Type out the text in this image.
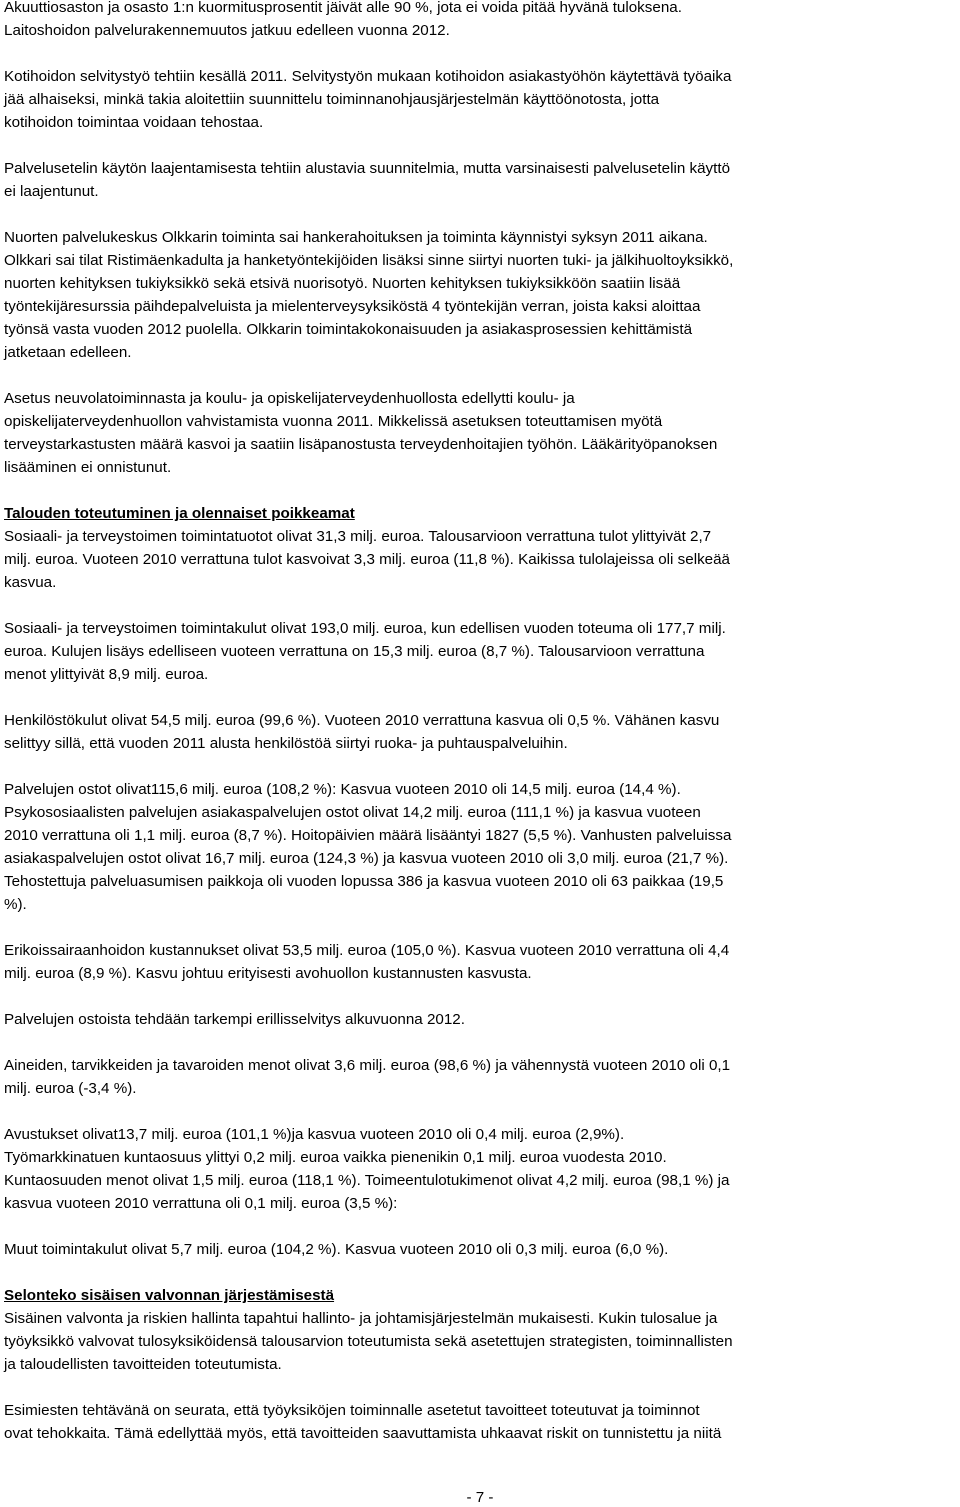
Akuuttiosaston ja osasto 1:n kuormitusprosentit jäivät alle 90 %, jota ei voida pitää hyvänä tuloksena.
Laitoshoidon palvelurakennemuutos jatkuu edelleen vuonna 2012.
Kotihoidon selvitystyö tehtiin kesällä 2011. Selvitystyön mukaan kotihoidon asiakastyöhön käytettävä työaika
jää alhaiseksi, minkä takia aloitettiin suunnittelu toiminnanohjausjärjestelmän käyttöönotosta, jotta
kotihoidon toimintaa voidaan tehostaa.
Palvelusetelin käytön laajentamisesta tehtiin alustavia suunnitelmia, mutta varsinaisesti palvelusetelin käyttö
ei laajentunut.
Nuorten palvelukeskus Olkkarin toiminta sai hankerahoituksen ja toiminta käynnistyi syksyn 2011 aikana.
Olkkari sai tilat Ristimäenkadulta ja hanketyöntekijöiden lisäksi sinne siirtyi nuorten tuki- ja jälkihuoltoyksikkö,
nuorten kehityksen tukiyksikkö sekä etsivä nuorisotyö. Nuorten kehityksen tukiyksikköön saatiin lisää
työntekijäresurssia päihdepalveluista ja mielenterveysyksiköstä 4 työntekijän verran, joista kaksi aloittaa
työnsä vasta vuoden 2012 puolella. Olkkarin toimintakokonaisuuden ja asiakasprosessien kehittämistä
jatketaan edelleen.
Asetus neuvolatoiminnasta ja koulu- ja opiskelijaterveydenhuollosta edellytti koulu- ja
opiskelijaterveydenhuollon vahvistamista vuonna 2011. Mikkelissä asetuksen toteuttamisen myötä
terveystarkastusten määrä kasvoi ja saatiin lisäpanostusta terveydenhoitajien työhön. Lääkärityöpanoksen
lisääminen ei onnistunut.
Talouden toteutuminen ja olennaiset poikkeamat
Sosiaali- ja terveystoimen toimintatuotot olivat 31,3 milj. euroa. Talousarvioon verrattuna tulot ylittyivät 2,7
milj. euroa. Vuoteen 2010 verrattuna tulot kasvoivat 3,3 milj. euroa (11,8 %). Kaikissa tulolajeissa oli selkeää
kasvua.
Sosiaali- ja terveystoimen toimintakulut olivat 193,0 milj. euroa, kun edellisen vuoden toteuma oli 177,7 milj.
euroa. Kulujen lisäys edelliseen vuoteen verrattuna on 15,3 milj. euroa (8,7 %). Talousarvioon verrattuna
menot ylittyivät 8,9 milj. euroa.
Henkilöstökulut olivat 54,5 milj. euroa (99,6 %). Vuoteen 2010 verrattuna kasvua oli 0,5 %. Vähänen kasvu
selittyy sillä, että vuoden 2011 alusta henkilöstöä siirtyi ruoka- ja puhtauspalveluihin.
Palvelujen ostot olivat115,6 milj. euroa (108,2 %): Kasvua vuoteen 2010 oli 14,5 milj. euroa (14,4 %).
Psykososiaalisten palvelujen asiakaspalvelujen ostot olivat 14,2 milj. euroa (111,1 %) ja kasvua vuoteen
2010 verrattuna oli 1,1 milj. euroa (8,7 %). Hoitopäivien määrä lisääntyi 1827 (5,5 %). Vanhusten palveluissa
asiakaspalvelujen ostot olivat 16,7 milj. euroa (124,3 %) ja kasvua vuoteen 2010 oli 3,0 milj. euroa (21,7 %).
Tehostettuja palveluasumisen paikkoja oli vuoden lopussa 386 ja kasvua vuoteen 2010 oli 63 paikkaa (19,5
%).
Erikoissairaanhoidon kustannukset olivat 53,5 milj. euroa (105,0 %). Kasvua vuoteen 2010 verrattuna oli 4,4
milj. euroa (8,9 %). Kasvu johtuu erityisesti avohuollon kustannusten kasvusta.
Palvelujen ostoista tehdään tarkempi erillisselvitys alkuvuonna 2012.
Aineiden, tarvikkeiden ja tavaroiden menot olivat 3,6 milj. euroa (98,6 %) ja vähennystä vuoteen 2010 oli 0,1
milj. euroa (-3,4 %).
Avustukset olivat13,7 milj. euroa (101,1 %)ja kasvua vuoteen 2010 oli 0,4 milj. euroa (2,9%).
Työmarkkinatuen kuntaosuus ylittyi 0,2 milj. euroa vaikka pienenikin 0,1 milj. euroa vuodesta 2010.
Kuntaosuuden menot olivat 1,5 milj. euroa (118,1 %). Toimeentulotukimenot olivat 4,2 milj. euroa (98,1 %) ja
kasvua vuoteen 2010 verrattuna oli 0,1 milj. euroa (3,5 %):
Muut toimintakulut olivat 5,7 milj. euroa (104,2 %). Kasvua vuoteen 2010 oli 0,3 milj. euroa (6,0 %).
Selonteko sisäisen valvonnan järjestämisestä
Sisäinen valvonta ja riskien hallinta tapahtui hallinto- ja johtamisjärjestelmän mukaisesti. Kukin tulosalue ja
työyksikkö valvovat tulosyksiköidensä talousarvion toteutumista sekä asetettujen strategisten, toiminnallisten
ja taloudellisten tavoitteiden toteutumista.
Esimiesten tehtävänä on seurata, että työyksiköjen toiminnalle asetetut tavoitteet toteutuvat ja toiminnot
ovat tehokkaita. Tämä edellyttää myös, että tavoitteiden saavuttamista uhkaavat riskit on tunnistettu ja niitä
- 7 -
